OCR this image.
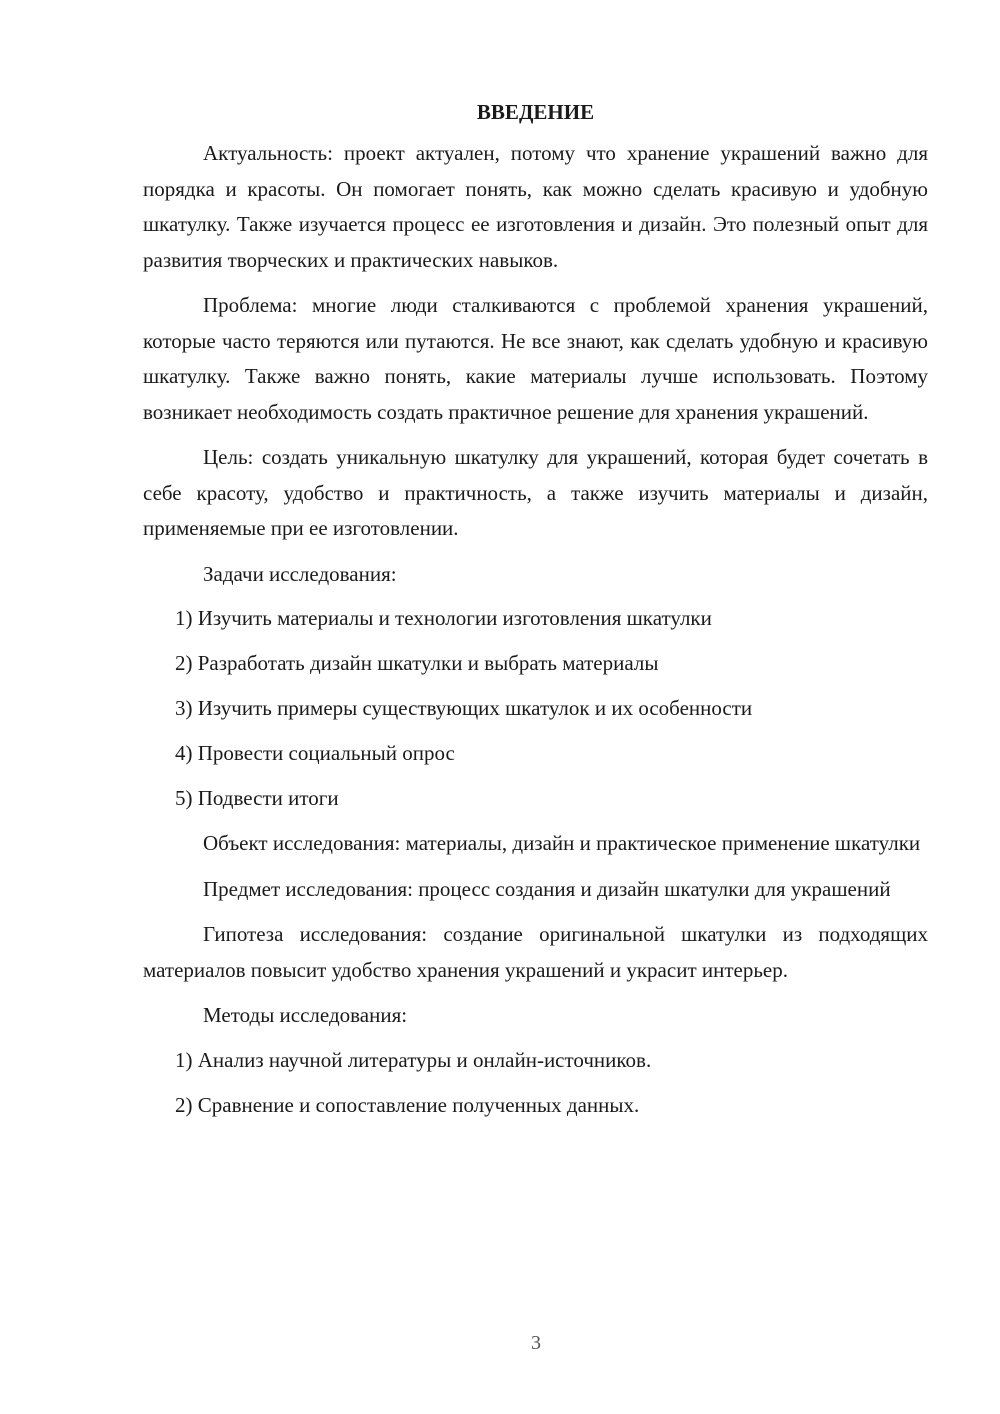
ВВЕДЕНИЕ

Актуальность: проект актуален, потому что хранение украшений важно для порядка и красоты. Он помогает понять, как можно сделать красивую и удобную шкатулку. Также изучается процесс ее изготовления и дизайн. Это полезный опыт для развития творческих и практических навыков.

Проблема: многие люди сталкиваются с проблемой хранения украшений, которые часто теряются или путаются. Не все знают, как сделать удобную и красивую шкатулку. Также важно понять, какие материалы лучше использовать. Поэтому возникает необходимость создать практичное решение для хранения украшений.

Цель: создать уникальную шкатулку для украшений, которая будет сочетать в себе красоту, удобство и практичность, а также изучить материалы и дизайн, применяемые при ее изготовлении.

Задачи исследования:

1) Изучить материалы и технологии изготовления шкатулки
2) Разработать дизайн шкатулки и выбрать материалы
3) Изучить примеры существующих шкатулок и их особенности
4) Провести социальный опрос
5) Подвести итоги

Объект исследования: материалы, дизайн и практическое применение шкатулки

Предмет исследования: процесс создания и дизайн шкатулки для украшений

Гипотеза исследования: создание оригинальной шкатулки из подходящих материалов повысит удобство хранения украшений и украсит интерьер.

Методы исследования:

1) Анализ научной литературы и онлайн-источников.
2) Сравнение и сопоставление полученных данных.
3
